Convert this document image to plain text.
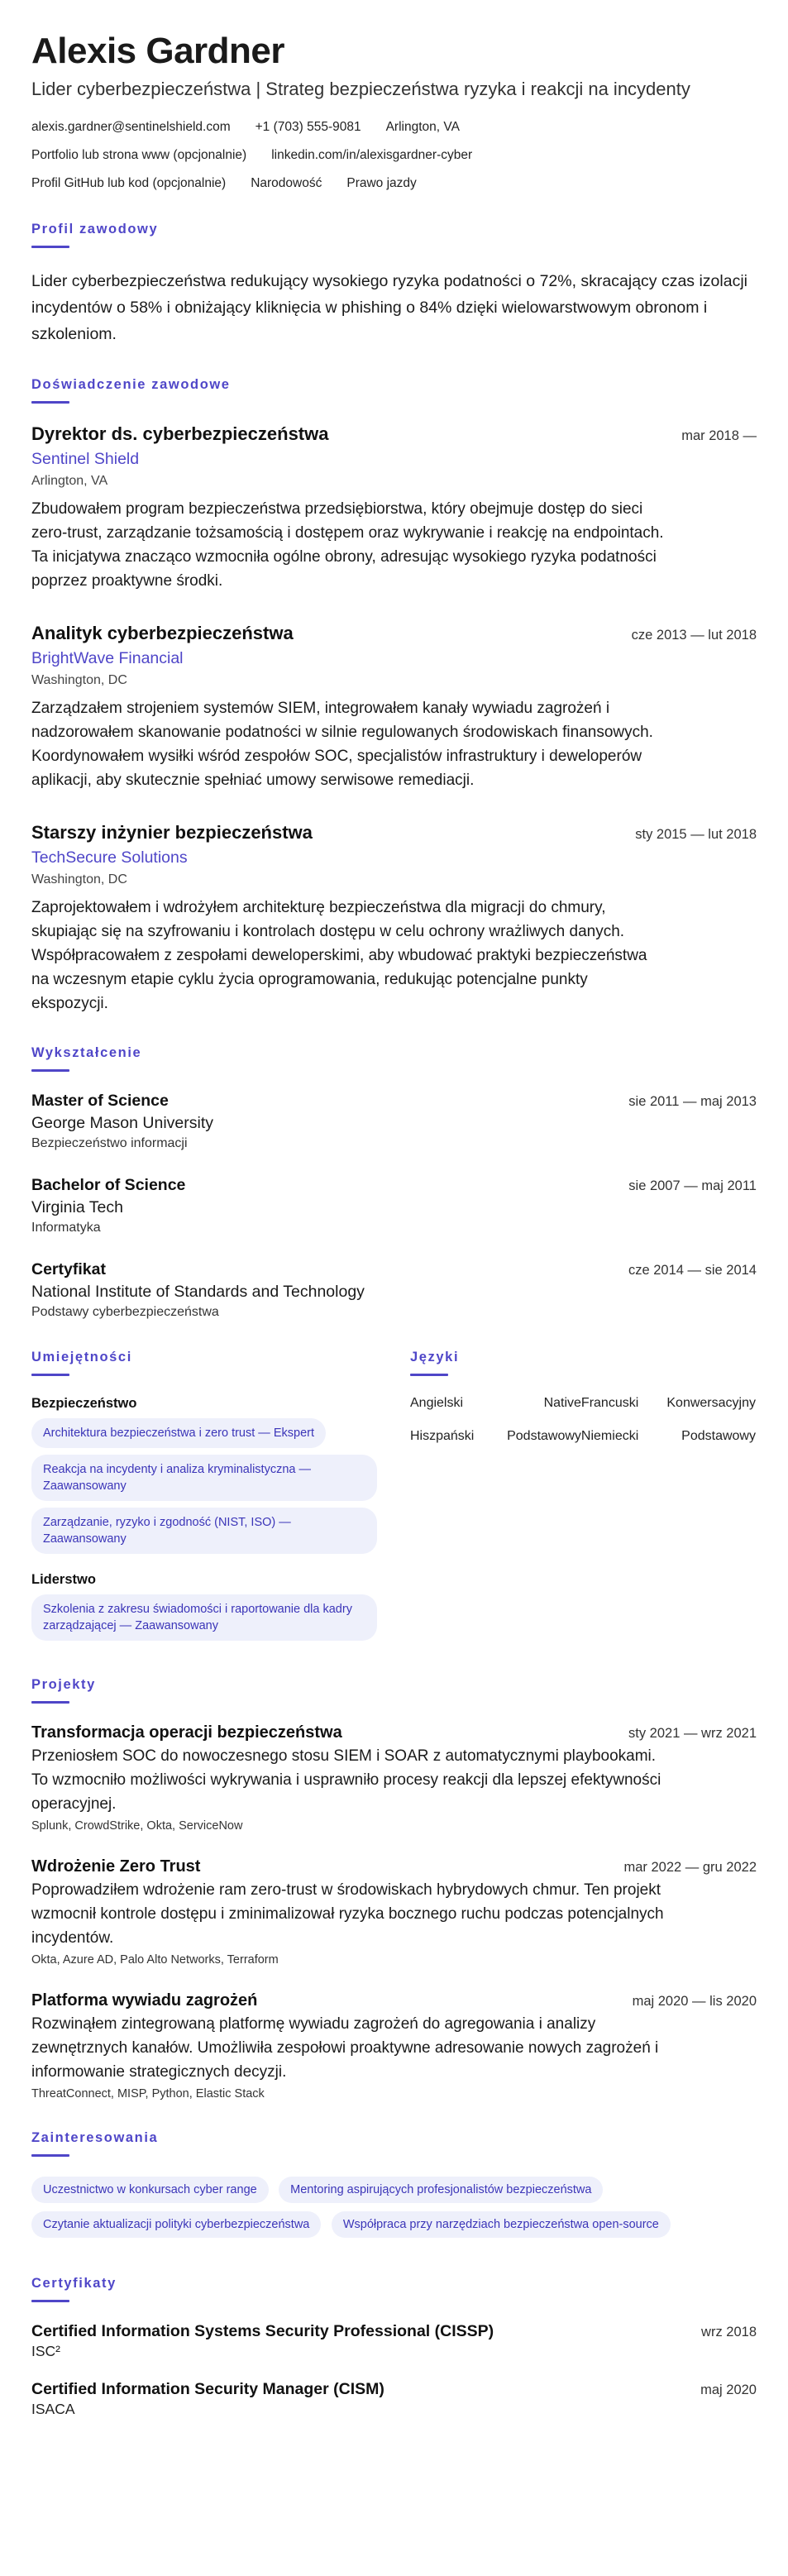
Alexis Gardner
Lider cyberbezpieczeństwa | Strateg bezpieczeństwa ryzyka i reakcji na incydenty
alexis.gardner@sentinelshield.com +1 (703) 555-9081 Arlington, VA
Portfolio lub strona www (opcjonalnie) linkedin.com/in/alexisgardner-cyber
Profil GitHub lub kod (opcjonalnie) Narodowość Prawo jazdy
Profil zawodowy

Lider cyberbezpieczeństwa redukujący wysokiego ryzyka podatności o 72%, skracający czas izolacji incydentów o 58% i obniżający kliknięcia w phishing o 84% dzięki wielowarstwowym obronom i szkoleniom.

Doświadczenie zawodowe
Dyrektor ds. cyberbezpieczeństwa	mar 2018 —
Sentinel Shield
Arlington, VA
Zbudowałem program bezpieczeństwa przedsiębiorstwa, który obejmuje dostęp do sieci zero-trust, zarządzanie tożsamością i dostępem oraz wykrywanie i reakcję na endpointach. Ta inicjatywa znacząco wzmocniła ogólne obrony, adresując wysokiego ryzyka podatności poprzez proaktywne środki.
Analityk cyberbezpieczeństwa	cze 2013 — lut 2018
BrightWave Financial
Washington, DC
Zarządzałem strojeniem systemów SIEM, integrowałem kanały wywiadu zagrożeń i nadzorowałem skanowanie podatności w silnie regulowanych środowiskach finansowych. Koordynowałem wysiłki wśród zespołów SOC, specjalistów infrastruktury i deweloperów aplikacji, aby skutecznie spełniać umowy serwisowe remediacji.
Starszy inżynier bezpieczeństwa	sty 2015 — lut 2018
TechSecure Solutions
Washington, DC
Zaprojektowałem i wdrożyłem architekturę bezpieczeństwa dla migracji do chmury, skupiając się na szyfrowaniu i kontrolach dostępu w celu ochrony wrażliwych danych. Współpracowałem z zespołami deweloperskimi, aby wbudować praktyki bezpieczeństwa na wczesnym etapie cyklu życia oprogramowania, redukując potencjalne punkty ekspozycji.
Wykształcenie
Master of Science	sie 2011 — maj 2013
George Mason University
Bezpieczeństwo informacji
Bachelor of Science	sie 2007 — maj 2011
Virginia Tech
Informatyka
Certyfikat	cze 2014 — sie 2014
National Institute of Standards and Technology
Podstawy cyberbezpieczeństwa
Umiejętności
Bezpieczeństwo
Architektura bezpieczeństwa i zero trust — Ekspert
Reakcja na incydenty i analiza kryminalistyczna — Zaawansowany
Zarządzanie, ryzyko i zgodność (NIST, ISO) — Zaawansowany
Liderstwo
Szkolenia z zakresu świadomości i raportowanie dla kadry zarządzającej — Zaawansowany
Języki
Angielski	Native Francuski	Konwersacyjny
Hiszpański	Podstawowy Niemiecki	Podstawowy
Projekty
Transformacja operacji bezpieczeństwa	sty 2021 — wrz 2021
Przeniosłem SOC do nowoczesnego stosu SIEM i SOAR z automatycznymi playbookami. To wzmocniło możliwości wykrywania i usprawniło procesy reakcji dla lepszej efektywności operacyjnej.
Splunk, CrowdStrike, Okta, ServiceNow
Wdrożenie Zero Trust	mar 2022 — gru 2022
Poprowadziłem wdrożenie ram zero-trust w środowiskach hybrydowych chmur. Ten projekt wzmocnił kontrole dostępu i zminimalizował ryzyka bocznego ruchu podczas potencjalnych incydentów.
Okta, Azure AD, Palo Alto Networks, Terraform
Platforma wywiadu zagrożeń	maj 2020 — lis 2020
Rozwinąłem zintegrowaną platformę wywiadu zagrożeń do agregowania i analizy zewnętrznych kanałów. Umożliwiła zespołowi proaktywne adresowanie nowych zagrożeń i informowanie strategicznych decyzji.
ThreatConnect, MISP, Python, Elastic Stack
Zainteresowania
Uczestnictwo w konkursach cyber range	Mentoring aspirujących profesjonalistów bezpieczeństwa Czytanie aktualizacji polityki cyberbezpieczeństwa	Współpraca przy narzędziach bezpieczeństwa open-source
Certyfikaty
Certified Information Systems Security Professional (CISSP)	wrz 2018
ISC²
Certified Information Security Manager (CISM)	maj 2020
ISACA
